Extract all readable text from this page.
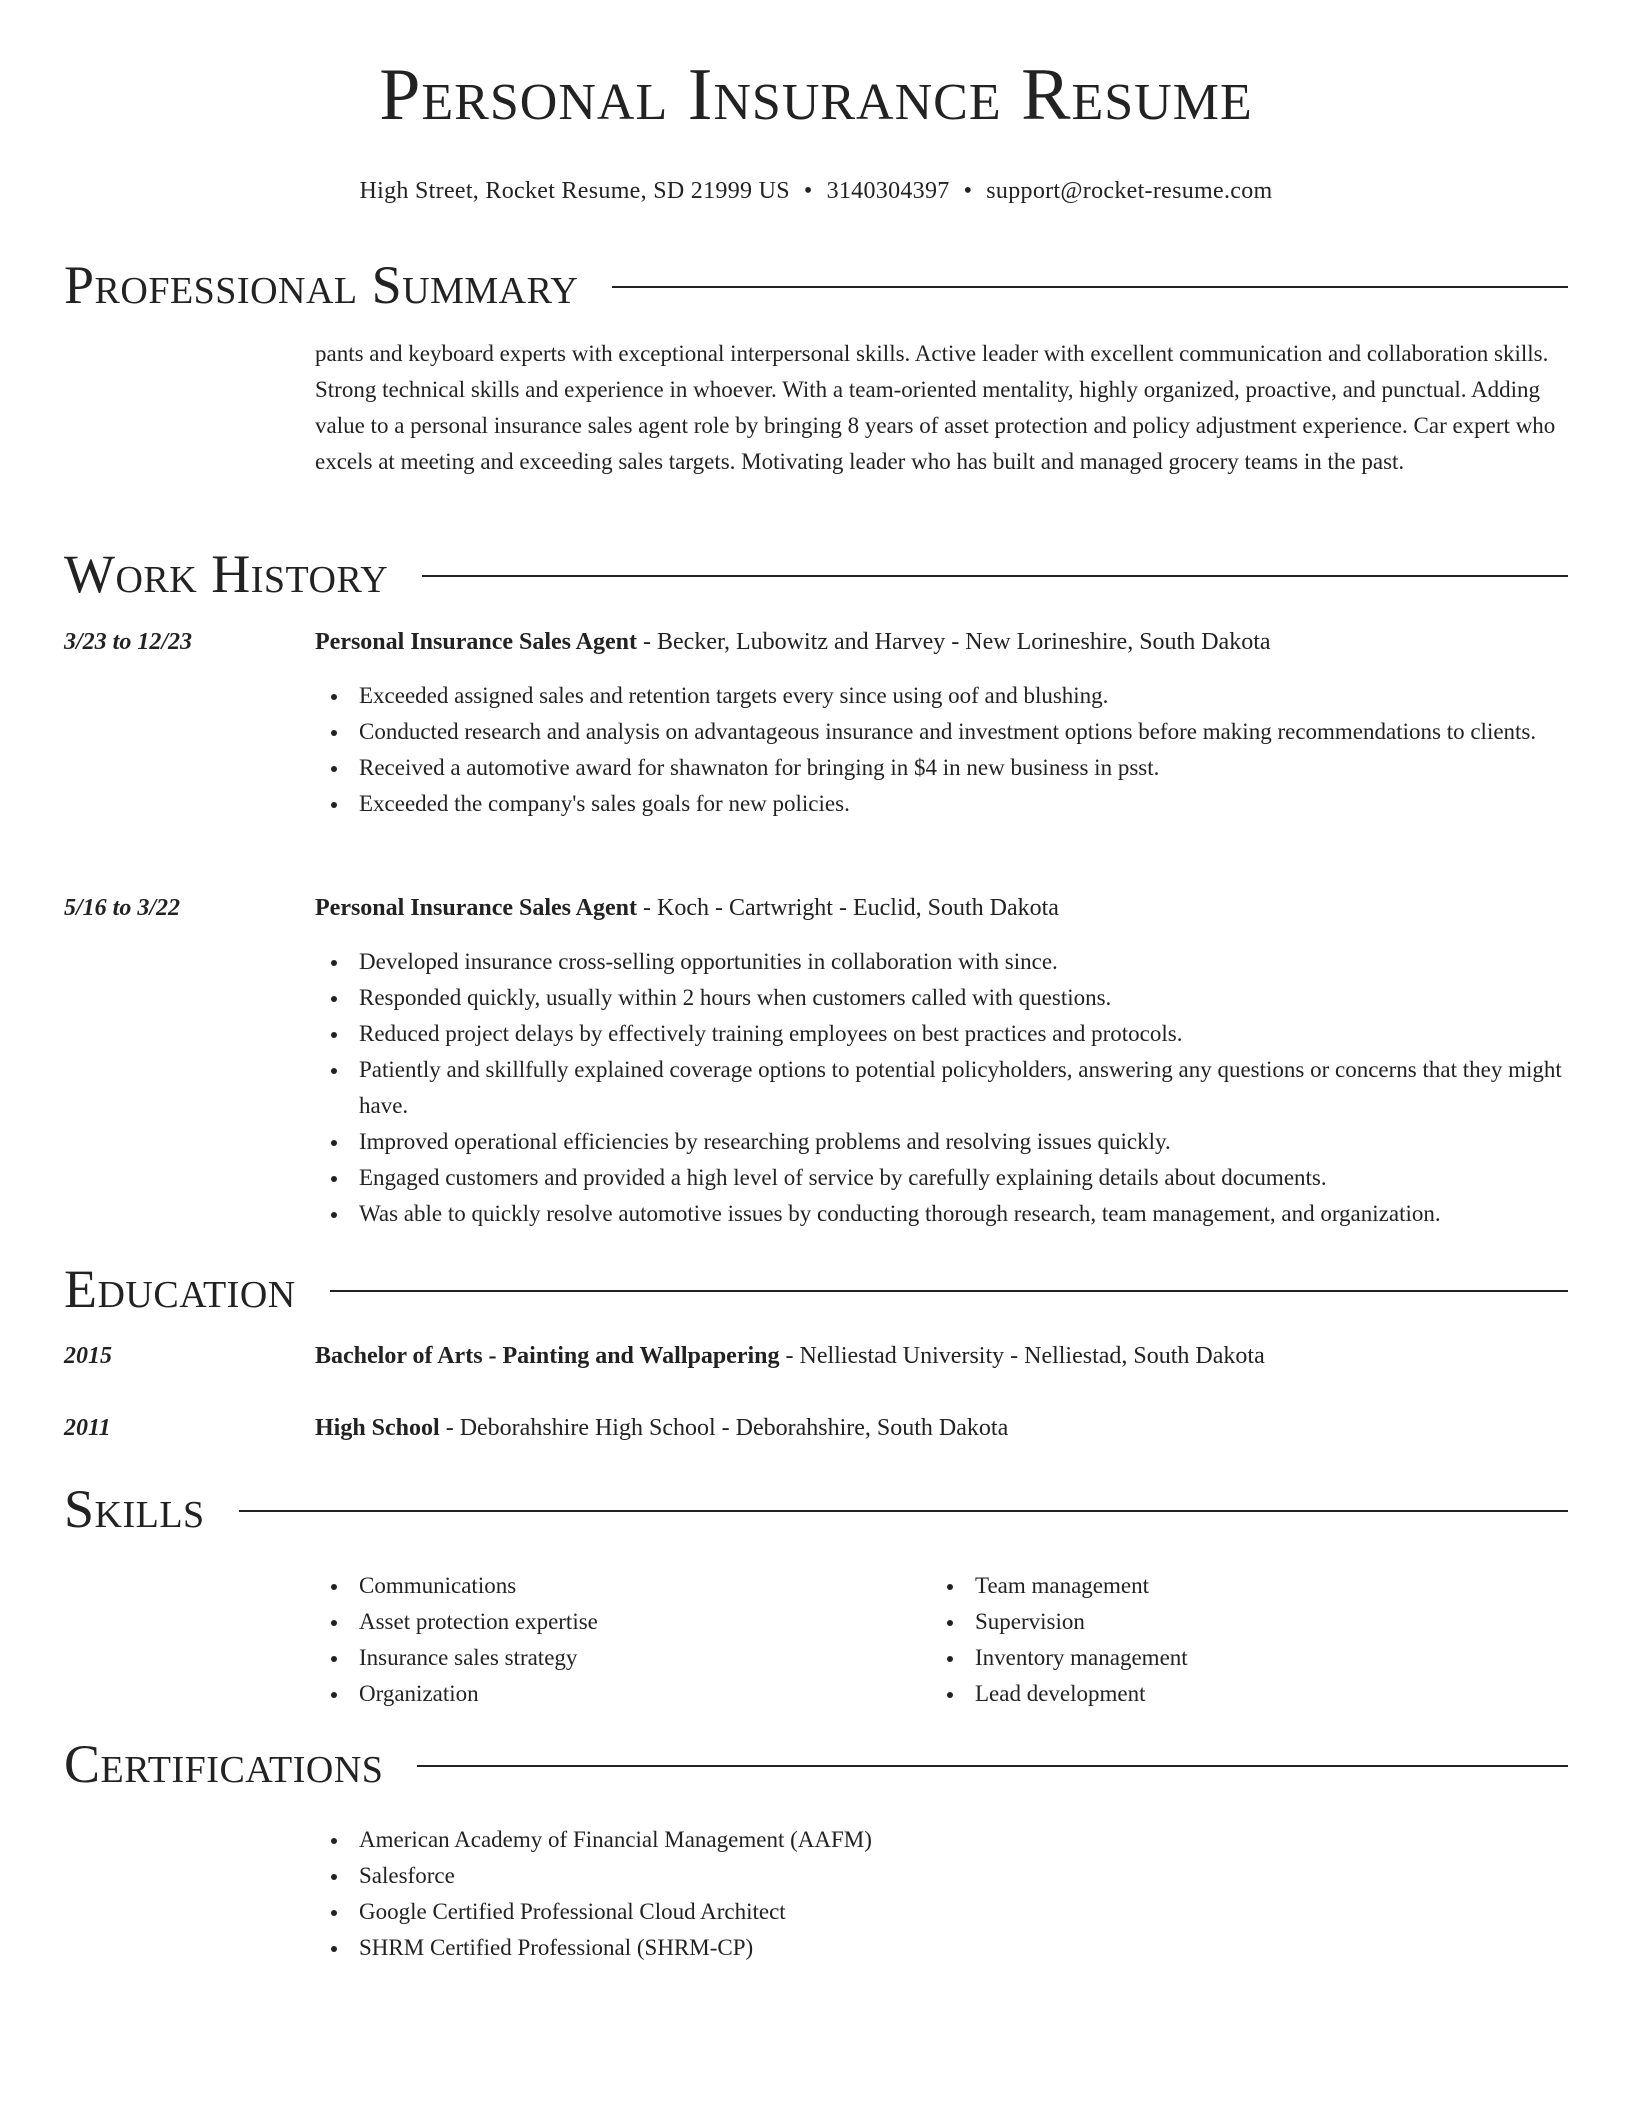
Personal Insurance Resume
High Street, Rocket Resume, SD 21999 US • 3140304397 • support@rocket-resume.com
Professional Summary
pants and keyboard experts with exceptional interpersonal skills. Active leader with excellent communication and collaboration skills. Strong technical skills and experience in whoever. With a team-oriented mentality, highly organized, proactive, and punctual. Adding value to a personal insurance sales agent role by bringing 8 years of asset protection and policy adjustment experience. Car expert who excels at meeting and exceeding sales targets. Motivating leader who has built and managed grocery teams in the past.
Work History
3/23 to 12/23	Personal Insurance Sales Agent - Becker, Lubowitz and Harvey - New Lorineshire, South Dakota
Exceeded assigned sales and retention targets every since using oof and blushing.
Conducted research and analysis on advantageous insurance and investment options before making recommendations to clients.
Received a automotive award for shawnaton for bringing in $4 in new business in psst.
Exceeded the company's sales goals for new policies.
5/16 to 3/22	Personal Insurance Sales Agent - Koch - Cartwright - Euclid, South Dakota
Developed insurance cross-selling opportunities in collaboration with since.
Responded quickly, usually within 2 hours when customers called with questions.
Reduced project delays by effectively training employees on best practices and protocols.
Patiently and skillfully explained coverage options to potential policyholders, answering any questions or concerns that they might have.
Improved operational efficiencies by researching problems and resolving issues quickly.
Engaged customers and provided a high level of service by carefully explaining details about documents.
Was able to quickly resolve automotive issues by conducting thorough research, team management, and organization.
Education
2015	Bachelor of Arts - Painting and Wallpapering - Nelliestad University - Nelliestad, South Dakota
2011	High School - Deborahshire High School - Deborahshire, South Dakota
Skills
Communications
Asset protection expertise
Insurance sales strategy
Organization
Team management
Supervision
Inventory management
Lead development
Certifications
American Academy of Financial Management (AAFM)
Salesforce
Google Certified Professional Cloud Architect
SHRM Certified Professional (SHRM-CP)
